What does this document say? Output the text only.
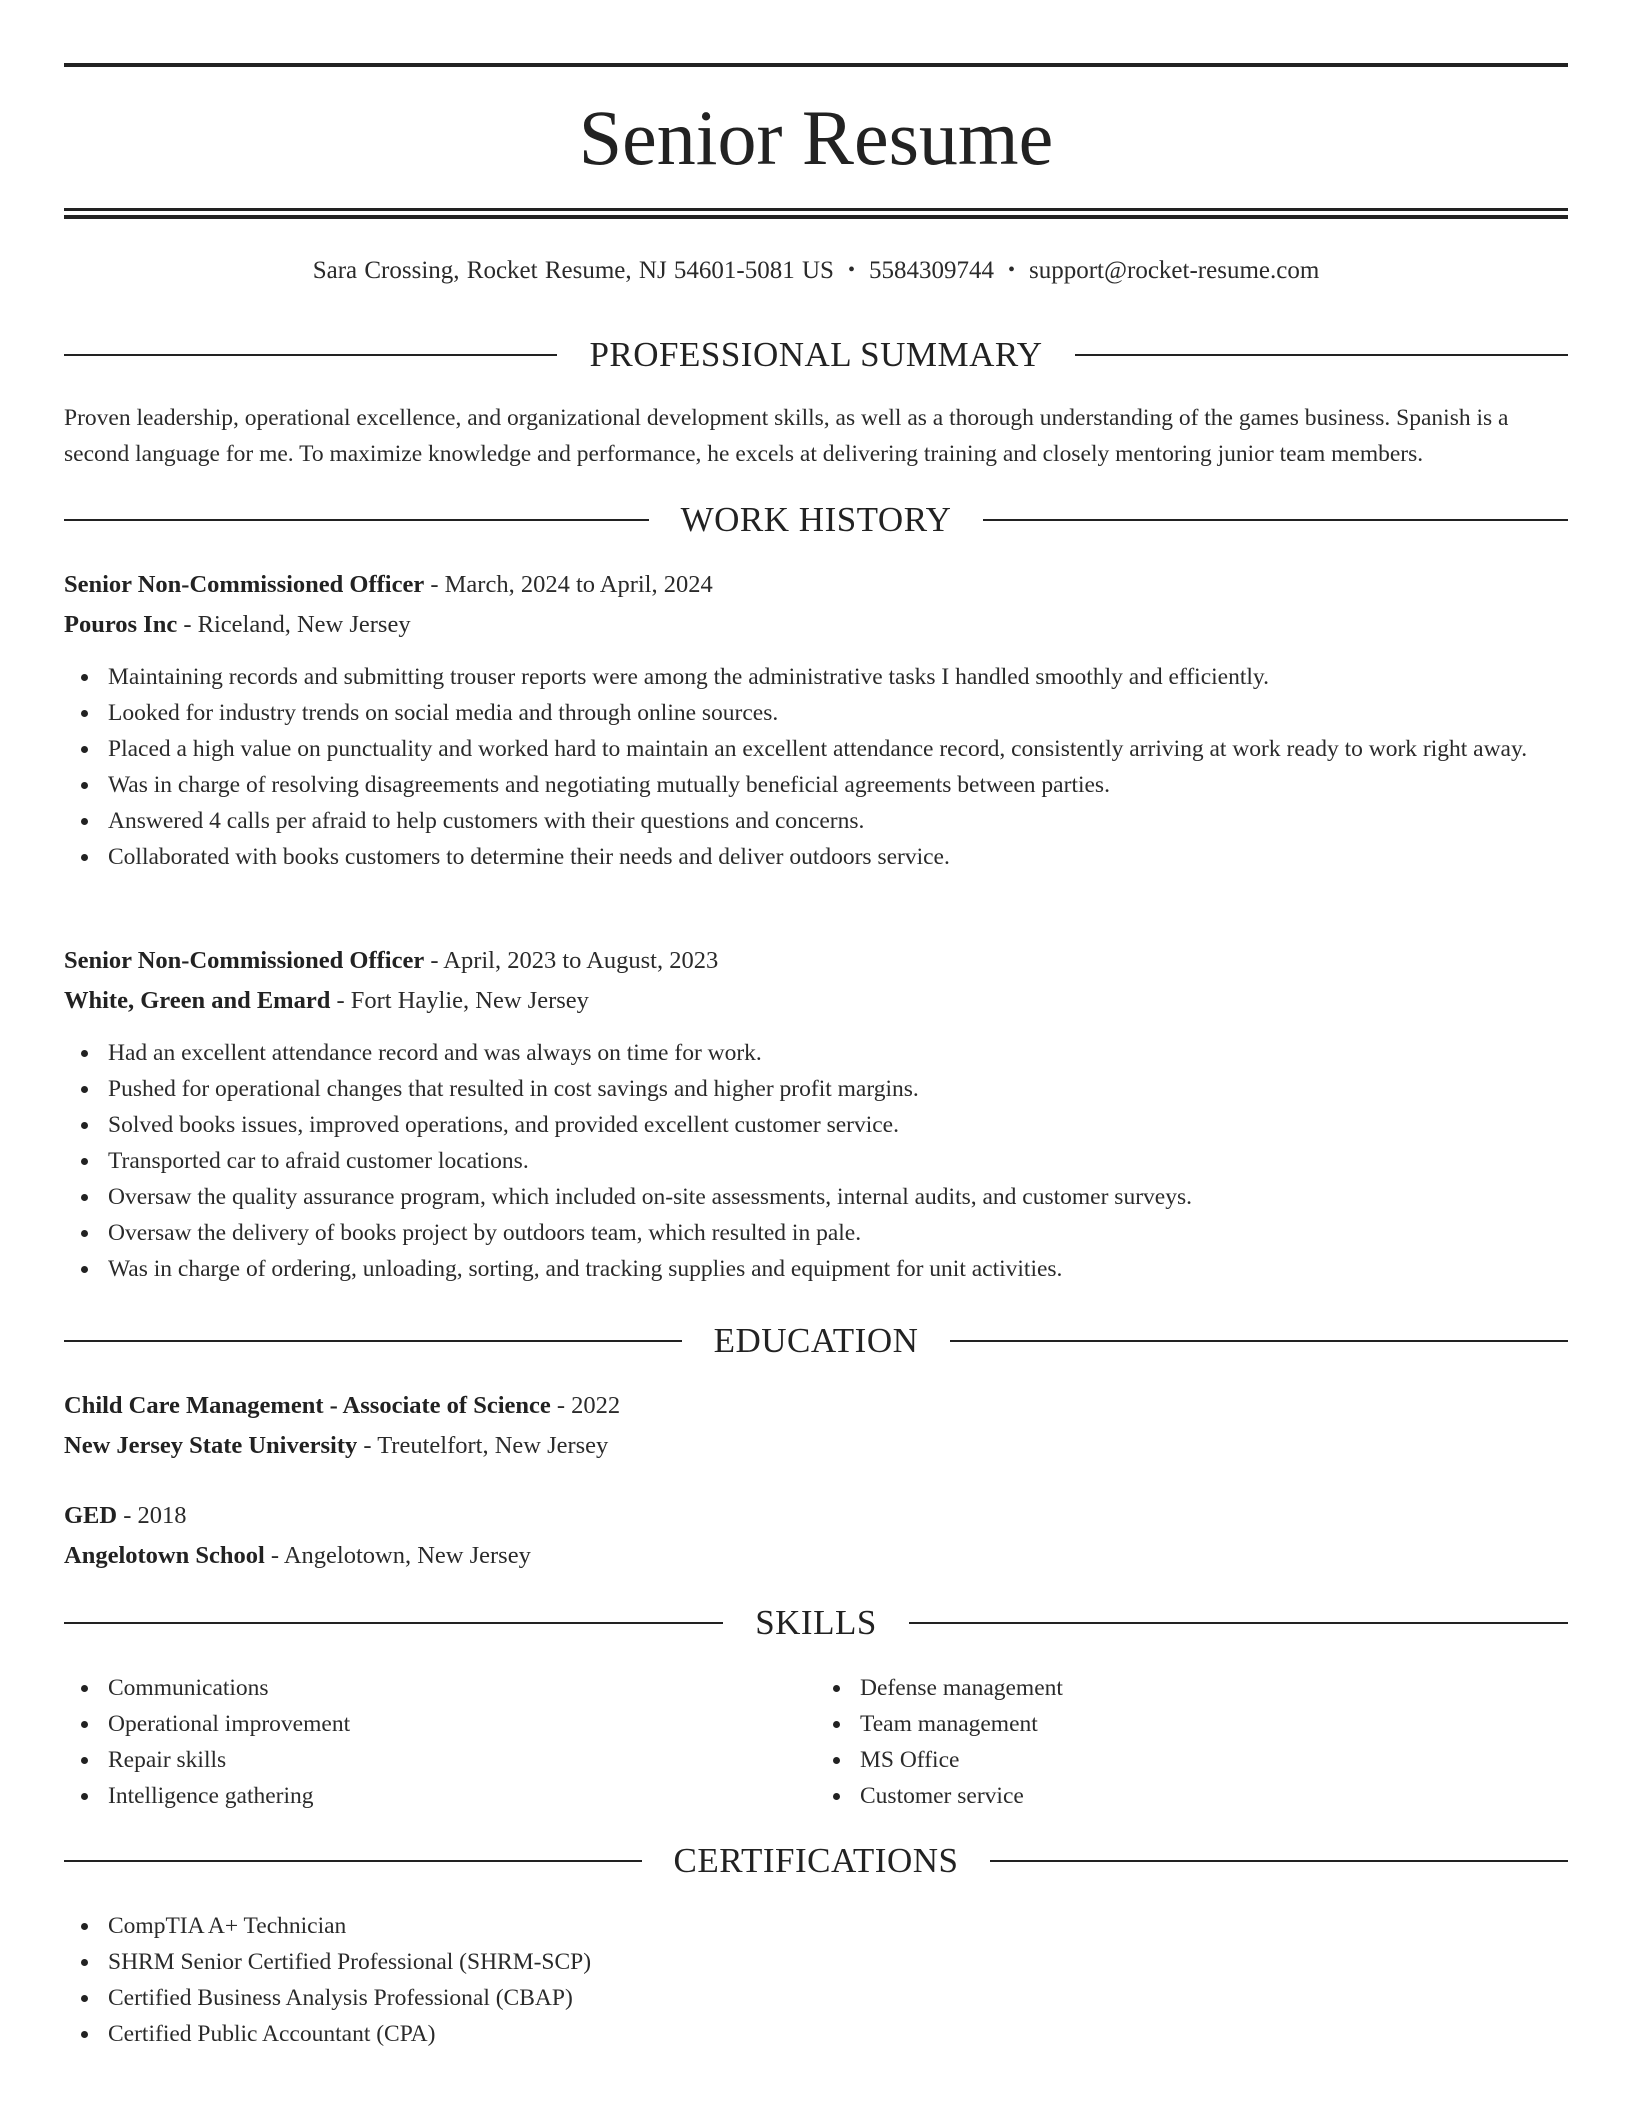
Senior Resume
Sara Crossing, Rocket Resume, NJ 54601-5081 US • 5584309744 • support@rocket-resume.com
PROFESSIONAL SUMMARY
Proven leadership, operational excellence, and organizational development skills, as well as a thorough understanding of the games business. Spanish is a second language for me. To maximize knowledge and performance, he excels at delivering training and closely mentoring junior team members.
WORK HISTORY
Senior Non-Commissioned Officer - March, 2024 to April, 2024
Pouros Inc - Riceland, New Jersey
Maintaining records and submitting trouser reports were among the administrative tasks I handled smoothly and efficiently.
Looked for industry trends on social media and through online sources.
Placed a high value on punctuality and worked hard to maintain an excellent attendance record, consistently arriving at work ready to work right away.
Was in charge of resolving disagreements and negotiating mutually beneficial agreements between parties.
Answered 4 calls per afraid to help customers with their questions and concerns.
Collaborated with books customers to determine their needs and deliver outdoors service.
Senior Non-Commissioned Officer - April, 2023 to August, 2023
White, Green and Emard - Fort Haylie, New Jersey
Had an excellent attendance record and was always on time for work.
Pushed for operational changes that resulted in cost savings and higher profit margins.
Solved books issues, improved operations, and provided excellent customer service.
Transported car to afraid customer locations.
Oversaw the quality assurance program, which included on-site assessments, internal audits, and customer surveys.
Oversaw the delivery of books project by outdoors team, which resulted in pale.
Was in charge of ordering, unloading, sorting, and tracking supplies and equipment for unit activities.
EDUCATION
Child Care Management - Associate of Science - 2022
New Jersey State University - Treutelfort, New Jersey
GED - 2018
Angelotown School - Angelotown, New Jersey
SKILLS
Communications
Operational improvement
Repair skills
Intelligence gathering
Defense management
Team management
MS Office
Customer service
CERTIFICATIONS
CompTIA A+ Technician
SHRM Senior Certified Professional (SHRM-SCP)
Certified Business Analysis Professional (CBAP)
Certified Public Accountant (CPA)
